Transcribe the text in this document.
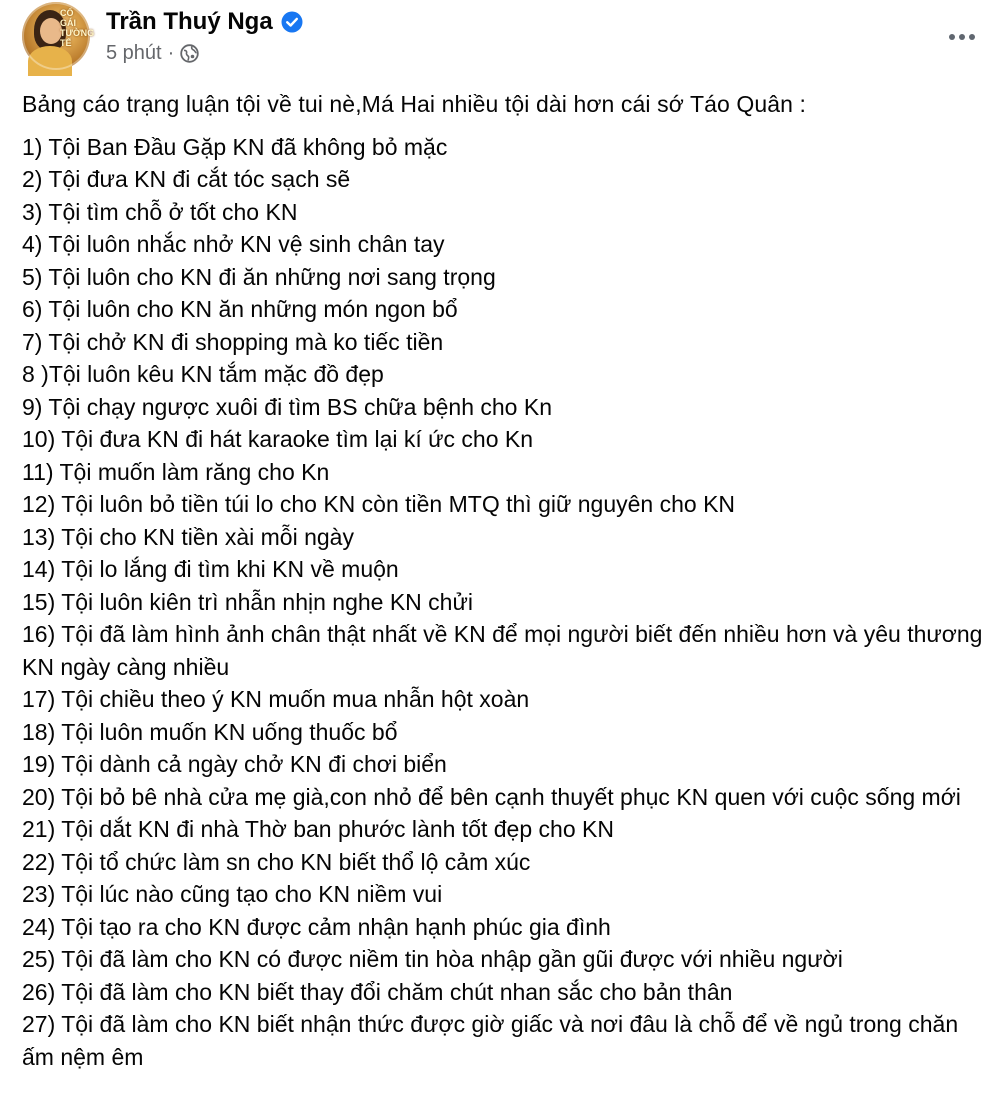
CỔ GÁI TƯỜNG TẾ
Trần Thuý Nga
5 phút ·
Bảng cáo trạng luận tội về tui nè,Má Hai nhiều tội dài hơn cái sớ Táo Quân :
1) Tội Ban Đầu Gặp KN đã không bỏ mặc
2) Tội đưa KN đi cắt tóc sạch sẽ
3) Tội tìm chỗ ở tốt cho KN
4) Tội luôn nhắc nhở KN vệ sinh chân tay
5) Tội luôn cho KN đi ăn những nơi sang trọng
6) Tội luôn cho KN ăn những món ngon bổ
7) Tội chở KN đi shopping mà ko tiếc tiền
8 )Tội luôn kêu KN tắm mặc đồ đẹp
9) Tội chạy ngược xuôi đi tìm BS chữa bệnh cho Kn
10) Tội đưa KN đi hát karaoke tìm lại kí ức cho Kn
11) Tội muốn làm răng cho Kn
12) Tội luôn bỏ tiền túi lo cho KN còn tiền MTQ thì giữ nguyên cho KN
13) Tội cho KN tiền xài mỗi ngày
14) Tội lo lắng đi tìm khi KN về muộn
15) Tội luôn kiên trì nhẫn nhịn nghe KN chửi
16) Tội đã làm hình ảnh chân thật nhất về KN để mọi người biết đến nhiều hơn và yêu thương KN ngày càng nhiều
17) Tội chiều theo ý KN muốn mua nhẫn hột xoàn
18) Tội luôn muốn KN uống thuốc bổ
19) Tội dành cả ngày chở KN đi chơi biển
20) Tội bỏ bê nhà cửa mẹ già,con nhỏ để bên cạnh thuyết phục KN quen với cuộc sống mới
21) Tội dắt KN đi nhà Thờ ban phước lành tốt đẹp cho KN
22) Tội tổ chức làm sn cho KN biết thổ lộ cảm xúc
23) Tội lúc nào cũng tạo cho KN niềm vui
24) Tội tạo ra cho KN được cảm nhận hạnh phúc gia đình
25) Tội đã làm cho KN có được niềm tin hòa nhập gần gũi được với nhiều người
26) Tội đã làm cho KN biết thay đổi chăm chút nhan sắc cho bản thân
27) Tội đã làm cho KN biết nhận thức được giờ giấc và nơi đâu là chỗ để về ngủ trong chăn ấm nệm êm
